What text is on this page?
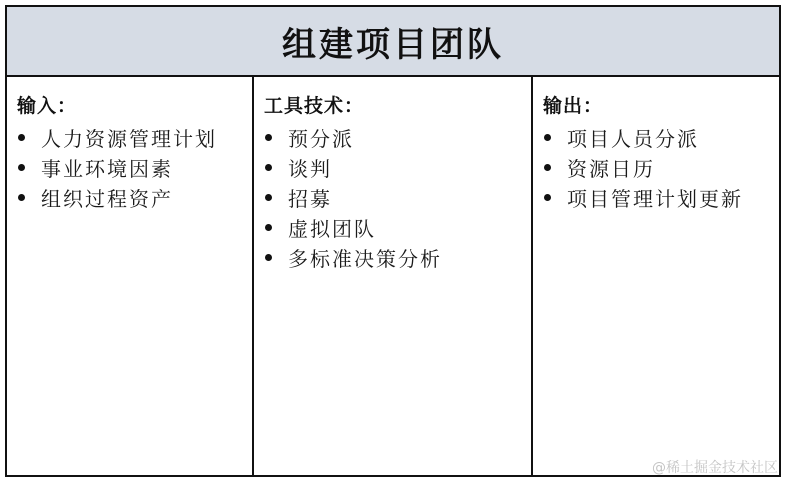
组建项目团队
输入：
人力资源管理计划
事业环境因素
组织过程资产
工具技术：
预分派
谈判
招募
虚拟团队
多标准决策分析
输出：
项目人员分派
资源日历
项目管理计划更新
@稀土掘金技术社区
